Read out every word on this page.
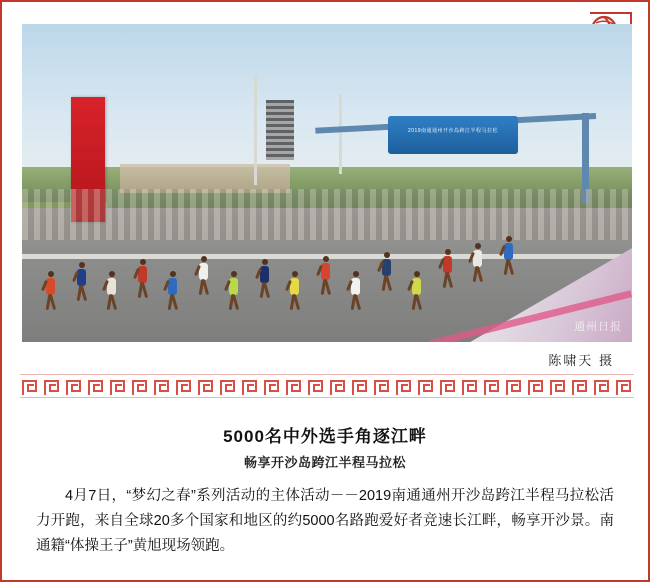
2019南通通州开沙岛跨江半程马拉松
通州日报
陈啸天 摄
5000名中外选手角逐江畔
畅享开沙岛跨江半程马拉松
4月7日，“梦幻之春”系列活动的主体活动－－2019南通通州开沙岛跨江半程马拉松活力开跑，来自全球20多个国家和地区的约5000名路跑爱好者竞速长江畔，畅享开沙景。南通籍“体操王子”黄旭现场领跑。
